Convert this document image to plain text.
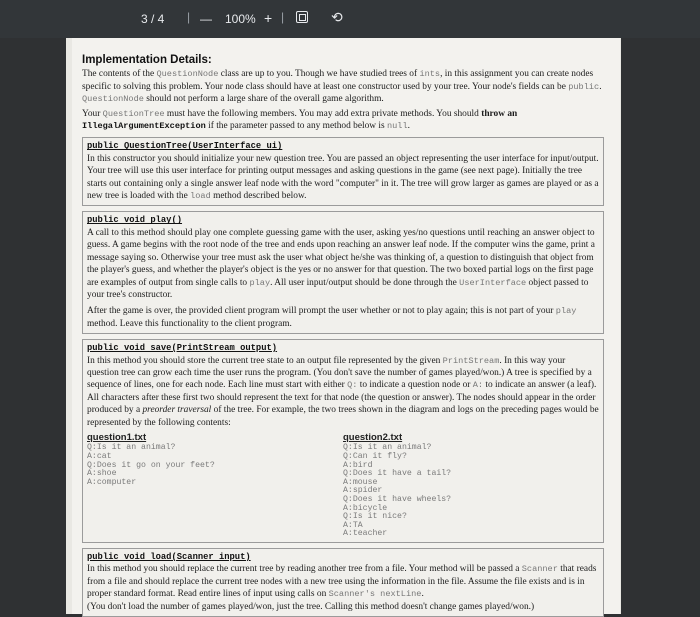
3 / 4 | — 100% + |	⟲
Implementation Details:

The contents of the QuestionNode class are up to you. Though we have studied trees of ints, in this assignment you can create nodes specific to solving this problem. Your node class should have at least one constructor used by your tree. Your node's fields can be public. QuestionNode should not perform a large share of the overall game algorithm.

Your QuestionTree must have the following members. You may add extra private methods. You should throw an IllegalArgumentException if the parameter passed to any method below is null.

public QuestionTree(UserInterface ui)

In this constructor you should initialize your new question tree. You are passed an object representing the user interface for input/output. Your tree will use this user interface for printing output messages and asking questions in the game (see next page). Initially the tree starts out containing only a single answer leaf node with the word "computer" in it. The tree will grow larger as games are played or as a new tree is loaded with the load method described below.

public void play()

A call to this method should play one complete guessing game with the user, asking yes/no questions until reaching an answer object to guess. A game begins with the root node of the tree and ends upon reaching an answer leaf node. If the computer wins the game, print a message saying so. Otherwise your tree must ask the user what object he/she was thinking of, a question to distinguish that object from the player's guess, and whether the player's object is the yes or no answer for that question. The two boxed partial logs on the first page are examples of output from single calls to play. All user input/output should be done through the UserInterface object passed to your tree's constructor.

After the game is over, the provided client program will prompt the user whether or not to play again; this is not part of your play method. Leave this functionality to the client program.

public void save(PrintStream output)

In this method you should store the current tree state to an output file represented by the given PrintStream. In this way your question tree can grow each time the user runs the program. (You don't save the number of games played/won.) A tree is specified by a sequence of lines, one for each node. Each line must start with either Q: to indicate a question node or A: to indicate an answer (a leaf). All characters after these first two should represent the text for that node (the question or answer). The nodes should appear in the order produced by a preorder traversal of the tree. For example, the two trees shown in the diagram and logs on the preceding pages would be represented by the following contents:

question1.txt
Q:Is it an animal?
A:cat
Q:Does it go on your feet?
A:shoe
A:computer
question2.txt
Q:Is it an animal?
Q:Can it fly?
A:bird
Q:Does it have a tail?
A:mouse
A:spider
Q:Does it have wheels?
A:bicycle
Q:Is it nice?
A:TA
A:teacher
public void load(Scanner input)

In this method you should replace the current tree by reading another tree from a file. Your method will be passed a Scanner that reads from a file and should replace the current tree nodes with a new tree using the information in the file. Assume the file exists and is in proper standard format. Read entire lines of input using calls on Scanner's nextLine.

(You don't load the number of games played/won, just the tree. Calling this method doesn't change games played/won.)
